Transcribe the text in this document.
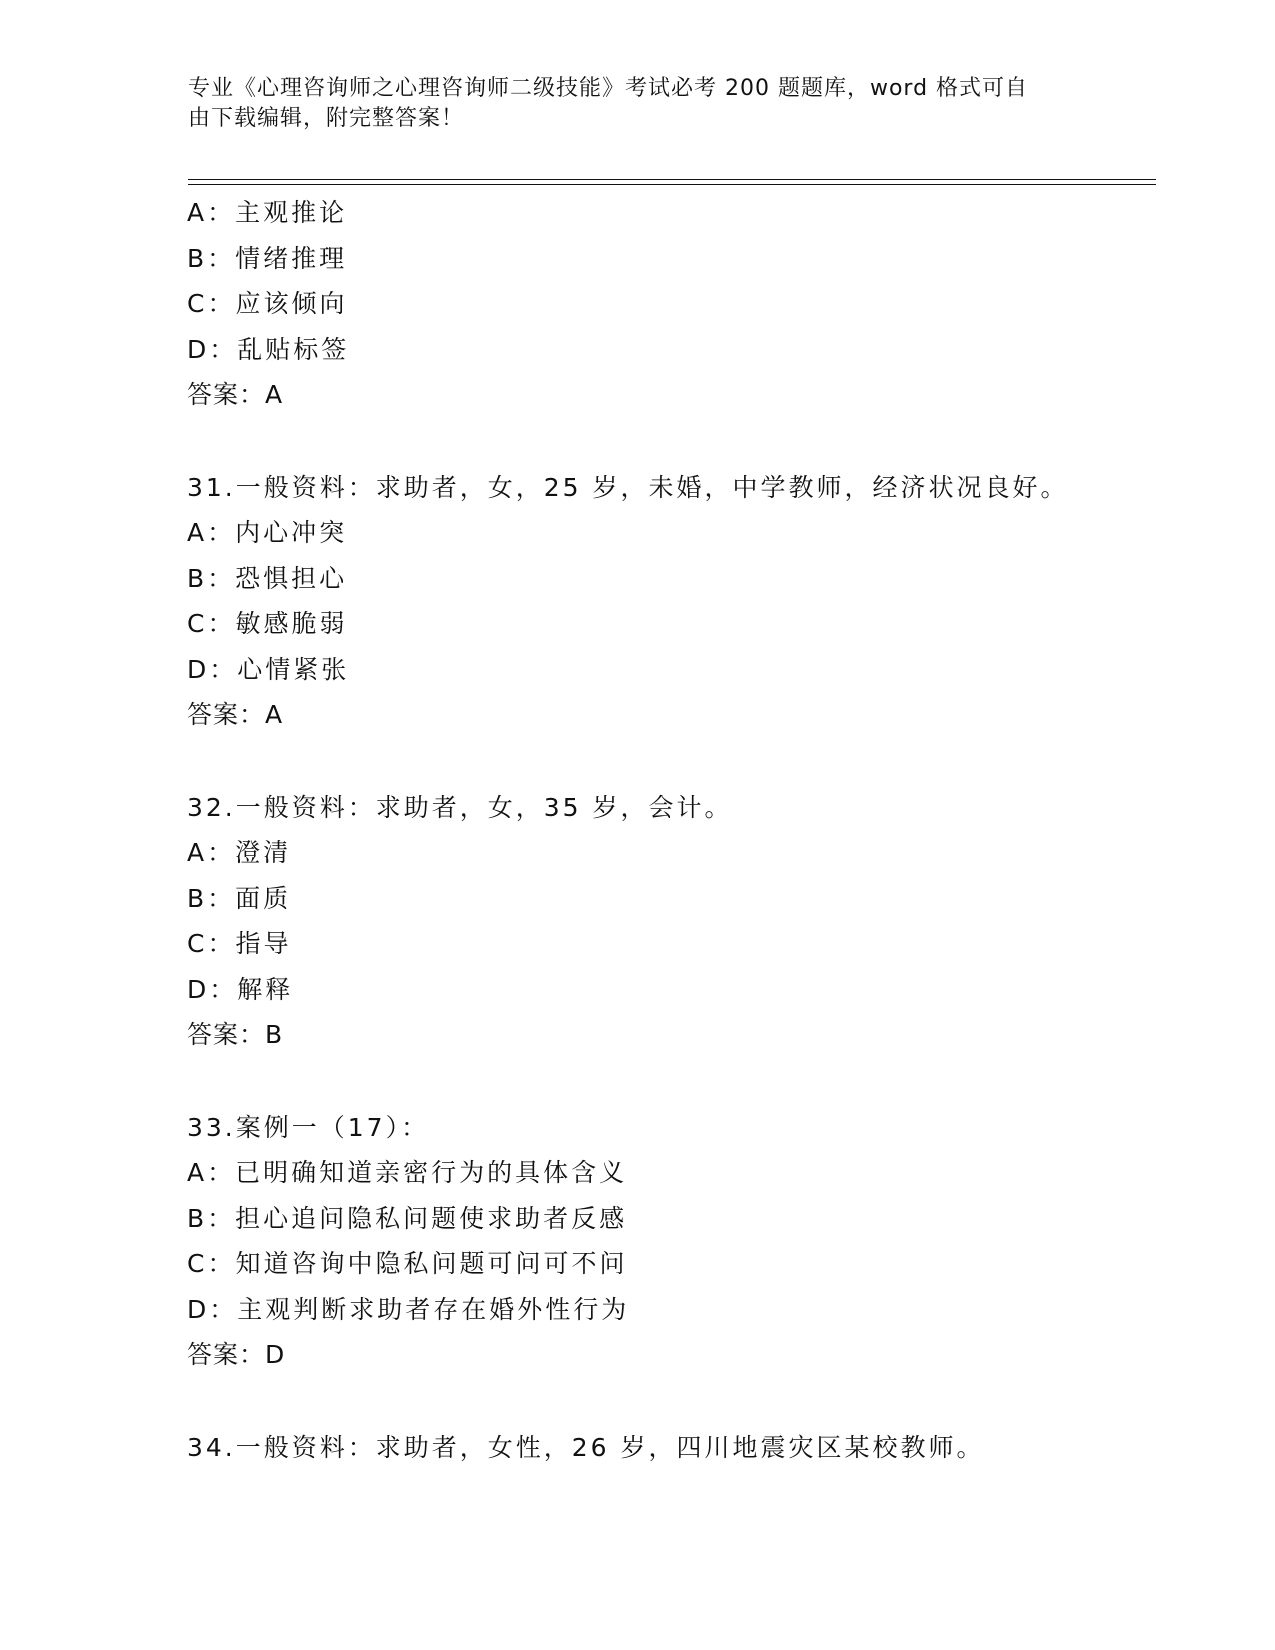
专业《心理咨询师之心理咨询师二级技能》考试必考 200 题题库，word 格式可自
由下载编辑，附完整答案！
A：主观推论
B：情绪推理
C：应该倾向
D：乱贴标签
答案：A
31.一般资料：求助者，女，25 岁，未婚，中学教师，经济状况良好。
A：内心冲突
B：恐惧担心
C：敏感脆弱
D：心情紧张
答案：A
32.一般资料：求助者，女，35 岁，会计。
A：澄清
B：面质
C：指导
D：解释
答案：B
33.案例一（17）：
A：已明确知道亲密行为的具体含义
B：担心追问隐私问题使求助者反感
C：知道咨询中隐私问题可问可不问
D：主观判断求助者存在婚外性行为
答案：D
34.一般资料：求助者，女性，26 岁，四川地震灾区某校教师。
